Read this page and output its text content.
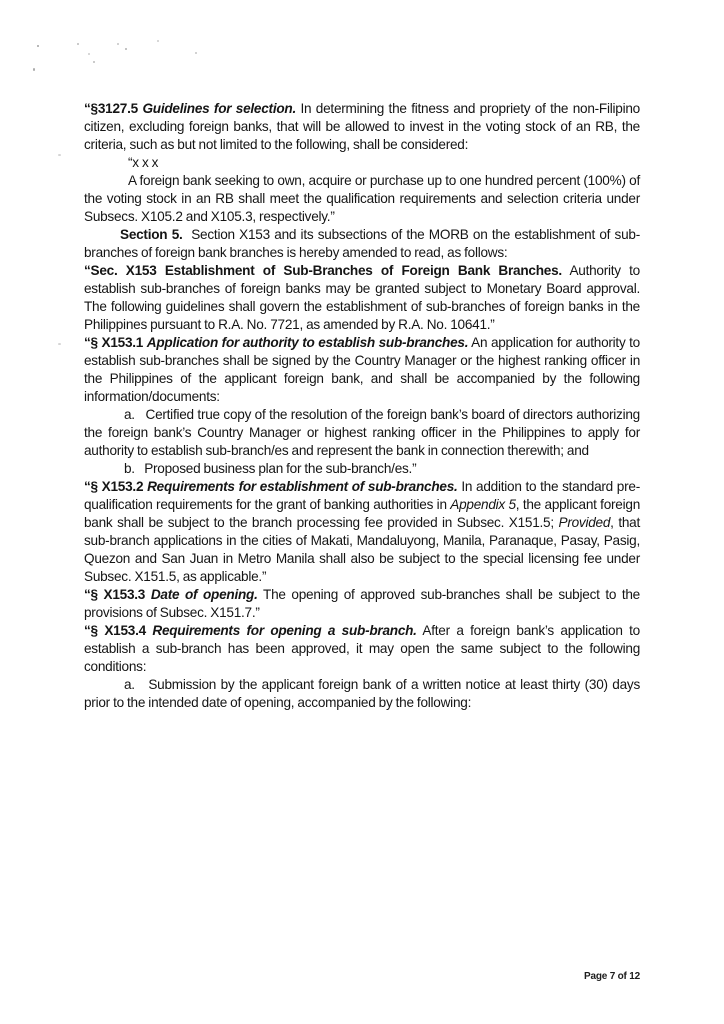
“§3127.5 Guidelines for selection. In determining the fitness and propriety of the non-Filipino citizen, excluding foreign banks, that will be allowed to invest in the voting stock of an RB, the criteria, such as but not limited to the following, shall be considered:

“x x x

A foreign bank seeking to own, acquire or purchase up to one hundred percent (100%) of the voting stock in an RB shall meet the qualification requirements and selection criteria under Subsecs. X105.2 and X105.3, respectively.”

Section 5.  Section X153 and its subsections of the MORB on the establishment of sub-branches of foreign bank branches is hereby amended to read, as follows:

“Sec. X153 Establishment of Sub-Branches of Foreign Bank Branches. Authority to establish sub-branches of foreign banks may be granted subject to Monetary Board approval. The following guidelines shall govern the establishment of sub-branches of foreign banks in the Philippines pursuant to R.A. No. 7721, as amended by R.A. No. 10641.”

“§ X153.1 Application for authority to establish sub-branches. An application for authority to establish sub-branches shall be signed by the Country Manager or the highest ranking officer in the Philippines of the applicant foreign bank, and shall be accompanied by the following information/documents:

a.   Certified true copy of the resolution of the foreign bank’s board of directors authorizing the foreign bank’s Country Manager or highest ranking officer in the Philippines to apply for authority to establish sub-branch/es and represent the bank in connection therewith; and

b.   Proposed business plan for the sub-branch/es.”

“§ X153.2 Requirements for establishment of sub-branches. In addition to the standard pre-qualification requirements for the grant of banking authorities in Appendix 5, the applicant foreign bank shall be subject to the branch processing fee provided in Subsec. X151.5; Provided, that sub-branch applications in the cities of Makati, Mandaluyong, Manila, Paranaque, Pasay, Pasig, Quezon and San Juan in Metro Manila shall also be subject to the special licensing fee under Subsec. X151.5, as applicable.”

“§ X153.3 Date of opening. The opening of approved sub-branches shall be subject to the provisions of Subsec. X151.7.”

“§ X153.4 Requirements for opening a sub-branch. After a foreign bank’s application to establish a sub-branch has been approved, it may open the same subject to the following conditions:

a.   Submission by the applicant foreign bank of a written notice at least thirty (30) days prior to the intended date of opening, accompanied by the following:

Page 7 of 12
